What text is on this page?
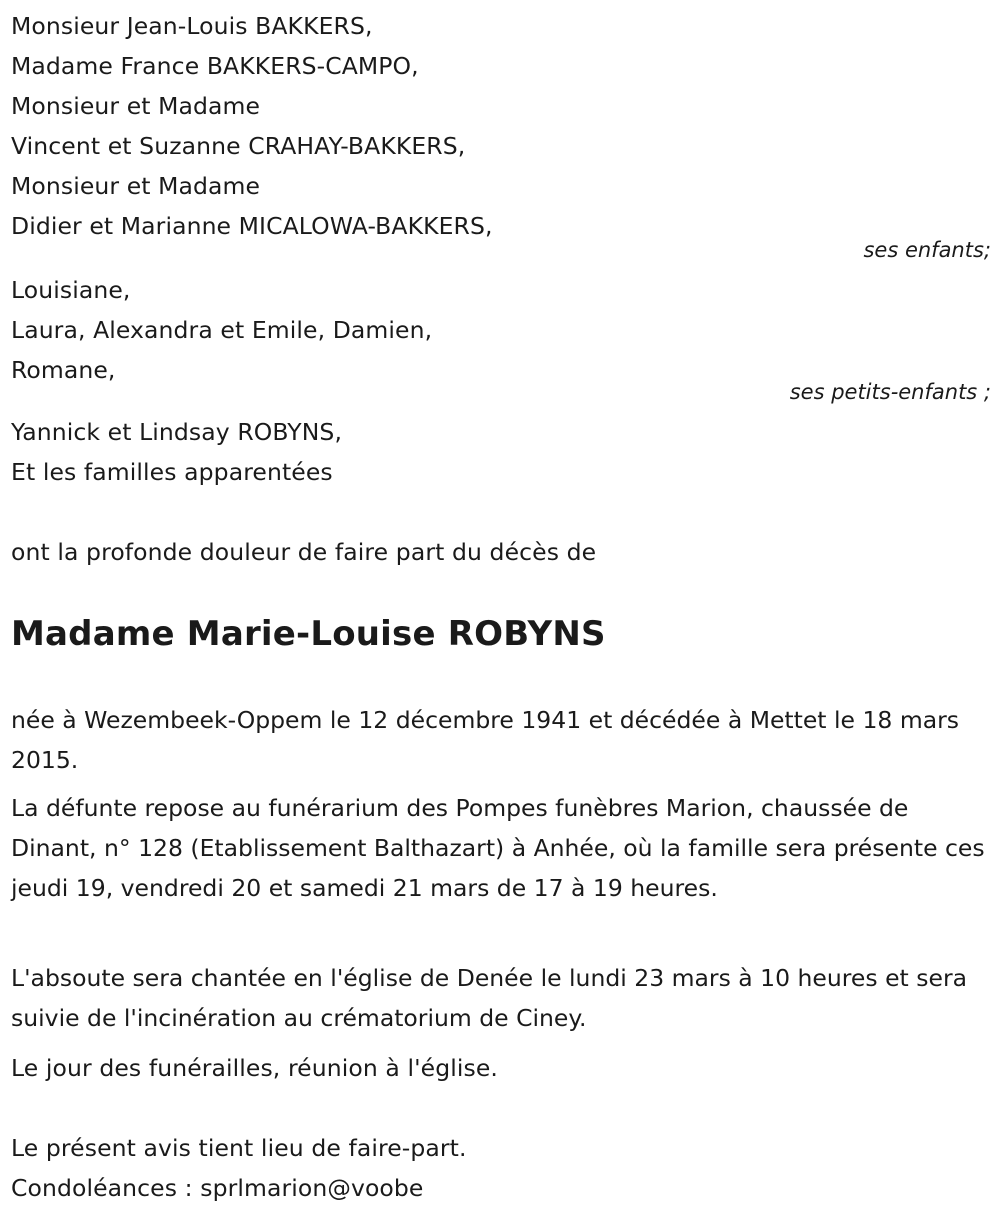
Monsieur Jean-Louis BAKKERS,
Madame France BAKKERS-CAMPO,
Monsieur et Madame
Vincent et Suzanne CRAHAY-BAKKERS,
Monsieur et Madame
Didier et Marianne MICALOWA-BAKKERS,
ses enfants;
Louisiane,
Laura, Alexandra et Emile, Damien,
Romane,
ses petits-enfants ;
Yannick et Lindsay ROBYNS,
Et les familles apparentées
ont la profonde douleur de faire part du décès de
Madame Marie-Louise ROBYNS
née à Wezembeek-Oppem le 12 décembre 1941 et décédée à Mettet le 18 mars 2015.
La défunte repose au funérarium des Pompes funèbres Marion, chaussée de Dinant, n° 128 (Etablissement Balthazart) à Anhée, où la famille sera présente ces jeudi 19, vendredi 20 et samedi 21 mars de 17 à 19 heures.
L'absoute sera chantée en l'église de Denée le lundi 23 mars à 10 heures et sera suivie de l'incinération au crématorium de Ciney.
Le jour des funérailles, réunion à l'église.
Le présent avis tient lieu de faire-part.
Condoléances : sprlmarion@voobe
